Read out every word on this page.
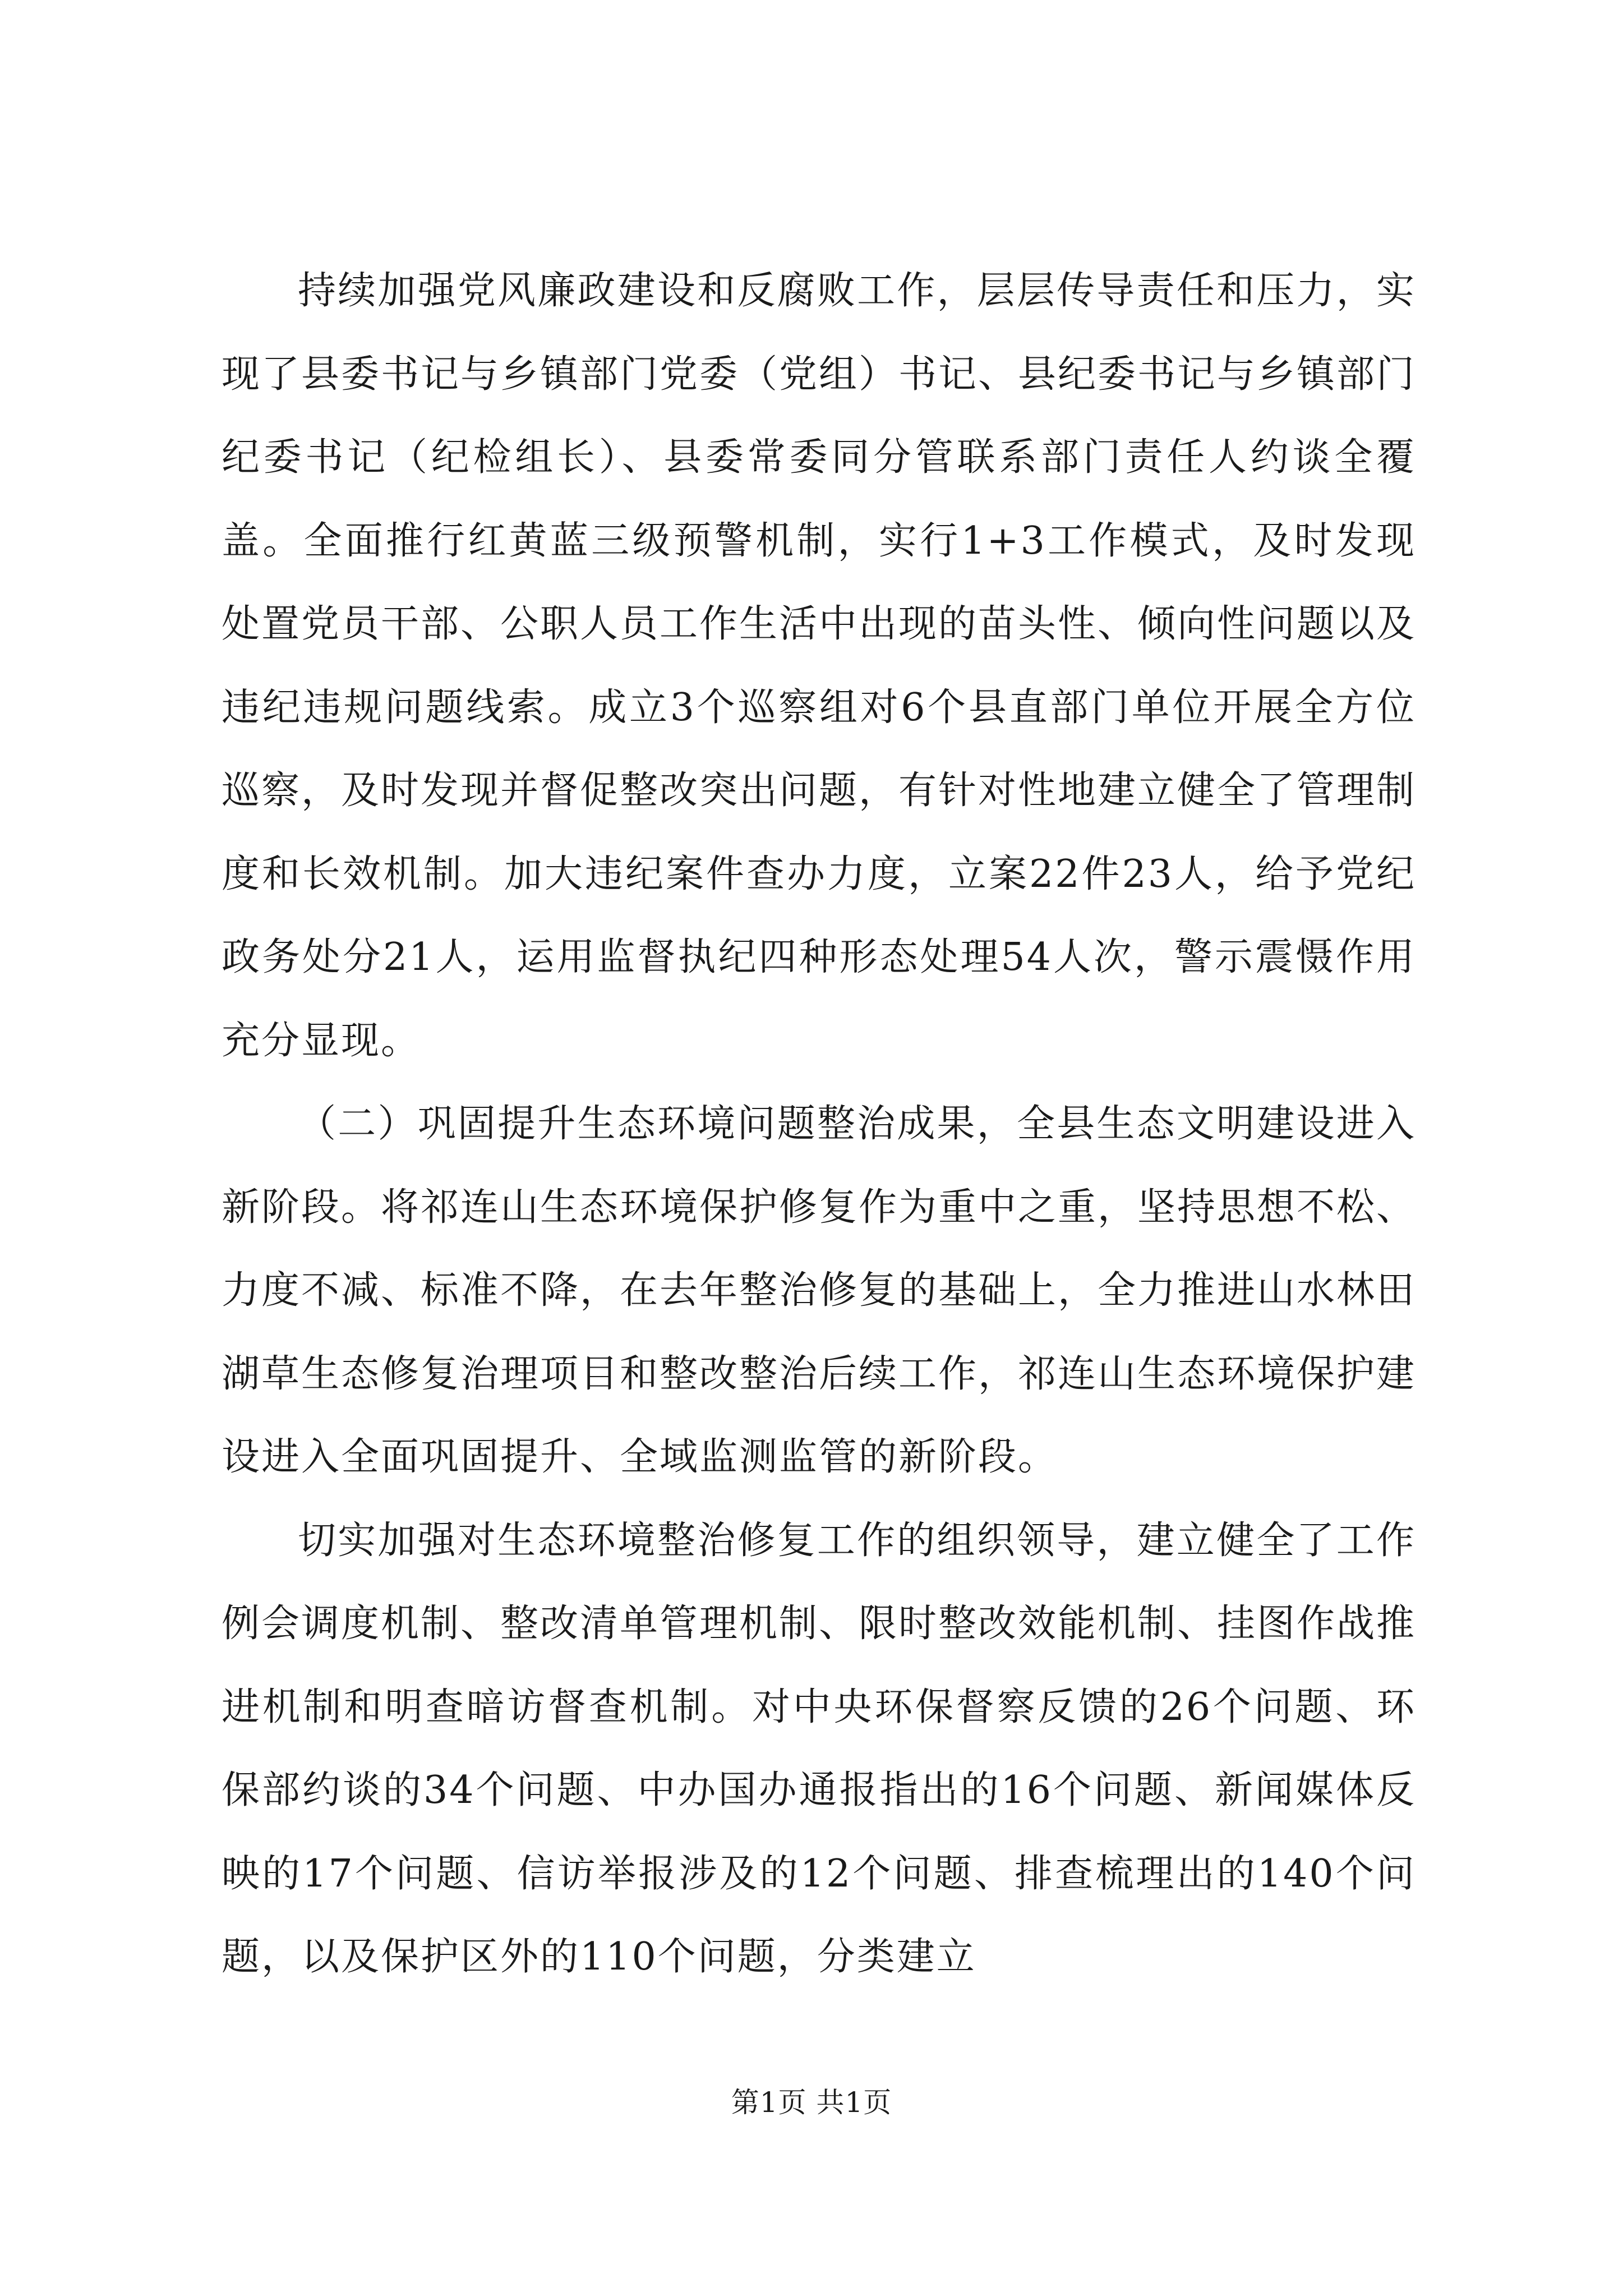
持续加强党风廉政建设和反腐败工作，层层传导责任和压力，实现了县委书记与乡镇部门党委（党组）书记、县纪委书记与乡镇部门纪委书记（纪检组长）、县委常委同分管联系部门责任人约谈全覆盖。全面推行红黄蓝三级预警机制，实行1+3工作模式，及时发现处置党员干部、公职人员工作生活中出现的苗头性、倾向性问题以及违纪违规问题线索。成立3个巡察组对6个县直部门单位开展全方位巡察，及时发现并督促整改突出问题，有针对性地建立健全了管理制度和长效机制。加大违纪案件查办力度，立案22件23人，给予党纪政务处分21人，运用监督执纪四种形态处理54人次，警示震慑作用充分显现。

（二）巩固提升生态环境问题整治成果，全县生态文明建设进入新阶段。将祁连山生态环境保护修复作为重中之重，坚持思想不松、力度不减、标准不降，在去年整治修复的基础上，全力推进山水林田湖草生态修复治理项目和整改整治后续工作，祁连山生态环境保护建设进入全面巩固提升、全域监测监管的新阶段。

切实加强对生态环境整治修复工作的组织领导，建立健全了工作例会调度机制、整改清单管理机制、限时整改效能机制、挂图作战推进机制和明查暗访督查机制。对中央环保督察反馈的26个问题、环保部约谈的34个问题、中办国办通报指出的16个问题、新闻媒体反映的17个问题、信访举报涉及的12个问题、排查梳理出的140个问题，以及保护区外的110个问题，分类建立

第1页 共1页
